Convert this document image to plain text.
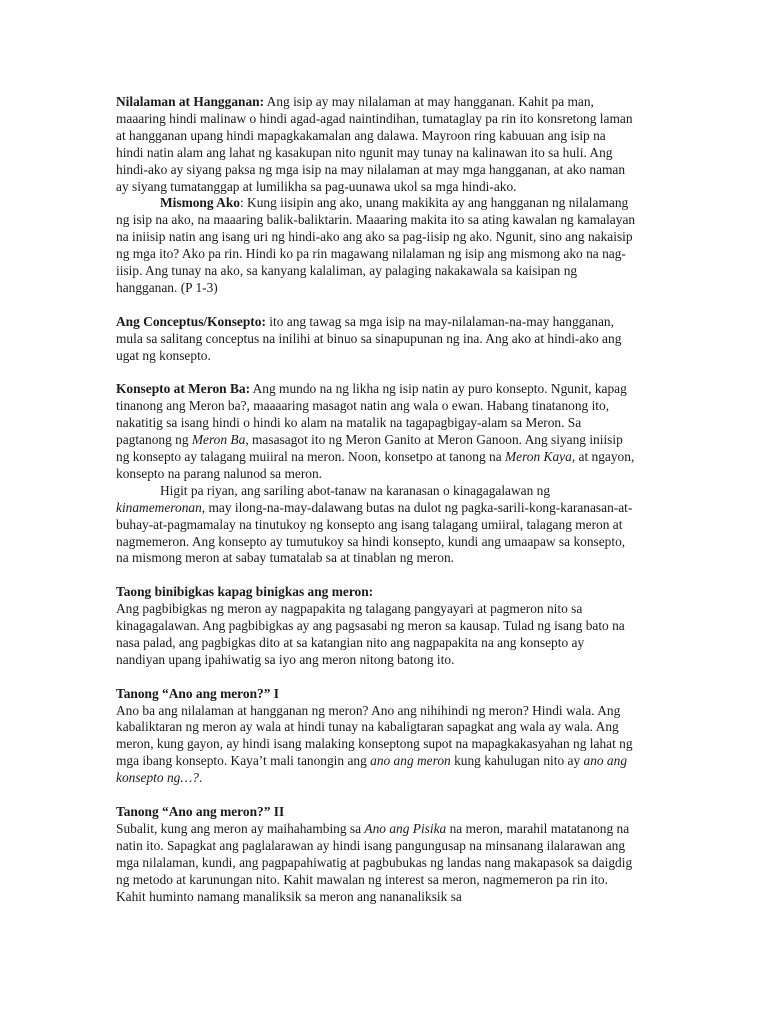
Nilalaman at Hangganan: Ang isip ay may nilalaman at may hangganan. Kahit pa man, maaaring hindi malinaw o hindi agad-agad naintindihan, tumataglay pa rin ito konsretong laman at hangganan upang hindi mapagkakamalan ang dalawa. Mayroon ring kabuuan ang isip na hindi natin alam ang lahat ng kasakupan nito ngunit may tunay na kalinawan ito sa huli. Ang hindi-ako ay siyang paksa ng mga isip na may nilalaman at may mga hangganan, at ako naman ay siyang tumatanggap at lumilikha sa pag-uunawa ukol sa mga hindi-ako.

Mismong Ako: Kung iisipin ang ako, unang makikita ay ang hangganan ng nilalamang ng isip na ako, na maaaring balik-baliktarin. Maaaring makita ito sa ating kawalan ng kamalayan na iniisip natin ang isang uri ng hindi-ako ang ako sa pag-iisip ng ako. Ngunit, sino ang nakaisip ng mga ito? Ako pa rin. Hindi ko pa rin magawang nilalaman ng isip ang mismong ako na nag-iisip. Ang tunay na ako, sa kanyang kalaliman, ay palaging nakakawala sa kaisipan ng hangganan. (P 1-3)

Ang Conceptus/Konsepto: ito ang tawag sa mga isip na may-nilalaman-na-may hangganan, mula sa salitang conceptus na inilihi at binuo sa sinapupunan ng ina. Ang ako at hindi-ako ang ugat ng konsepto.

Konsepto at Meron Ba: Ang mundo na ng likha ng isip natin ay puro konsepto. Ngunit, kapag tinanong ang Meron ba?, maaaaring masagot natin ang wala o ewan. Habang tinatanong ito, nakatitig sa isang hindi o hindi ko alam na matalik na tagapagbigay-alam sa Meron. Sa pagtanong ng Meron Ba, masasagot ito ng Meron Ganito at Meron Ganoon. Ang siyang iniisip ng konsepto ay talagang muiiral na meron. Noon, konsetpo at tanong na Meron Kaya, at ngayon, konsepto na parang nalunod sa meron.

Higit pa riyan, ang sariling abot-tanaw na karanasan o kinagagalawan ng kinamemeronan, may ilong-na-may-dalawang butas na dulot ng pagka-sarili-kong-karanasan-at-buhay-at-pagmamalay na tinutukoy ng konsepto ang isang talagang umiiral, talagang meron at nagmemeron. Ang konsepto ay tumutukoy sa hindi konsepto, kundi ang umaapaw sa konsepto, na mismong meron at sabay tumatalab sa at tinablan ng meron.

Taong binibigkas kapag binigkas ang meron:

Ang pagbibigkas ng meron ay nagpapakita ng talagang pangyayari at pagmeron nito sa kinagagalawan. Ang pagbibigkas ay ang pagsasabi ng meron sa kausap. Tulad ng isang bato na nasa palad, ang pagbigkas dito at sa katangian nito ang nagpapakita na ang konsepto ay nandiyan upang ipahiwatig sa iyo ang meron nitong batong ito.

Tanong “Ano ang meron?” I

Ano ba ang nilalaman at hangganan ng meron? Ano ang nihihindi ng meron? Hindi wala. Ang kabaliktaran ng meron ay wala at hindi tunay na kabaligtaran sapagkat ang wala ay wala. Ang meron, kung gayon, ay hindi isang malaking konseptong supot na mapagkakasyahan ng lahat ng mga ibang konsepto. Kaya’t mali tanongin ang ano ang meron kung kahulugan nito ay ano ang konsepto ng…?.

Tanong “Ano ang meron?” II

Subalit, kung ang meron ay maihahambing sa Ano ang Pisika na meron, marahil matatanong na natin ito. Sapagkat ang paglalarawan ay hindi isang pangungusap na minsanang ilalarawan ang mga nilalaman, kundi, ang pagpapahiwatig at pagbubukas ng landas nang makapasok sa daigdig ng metodo at karunungan nito. Kahit mawalan ng interest sa meron, nagmemeron pa rin ito. Kahit huminto namang manaliksik sa meron ang nananaliksik sa
